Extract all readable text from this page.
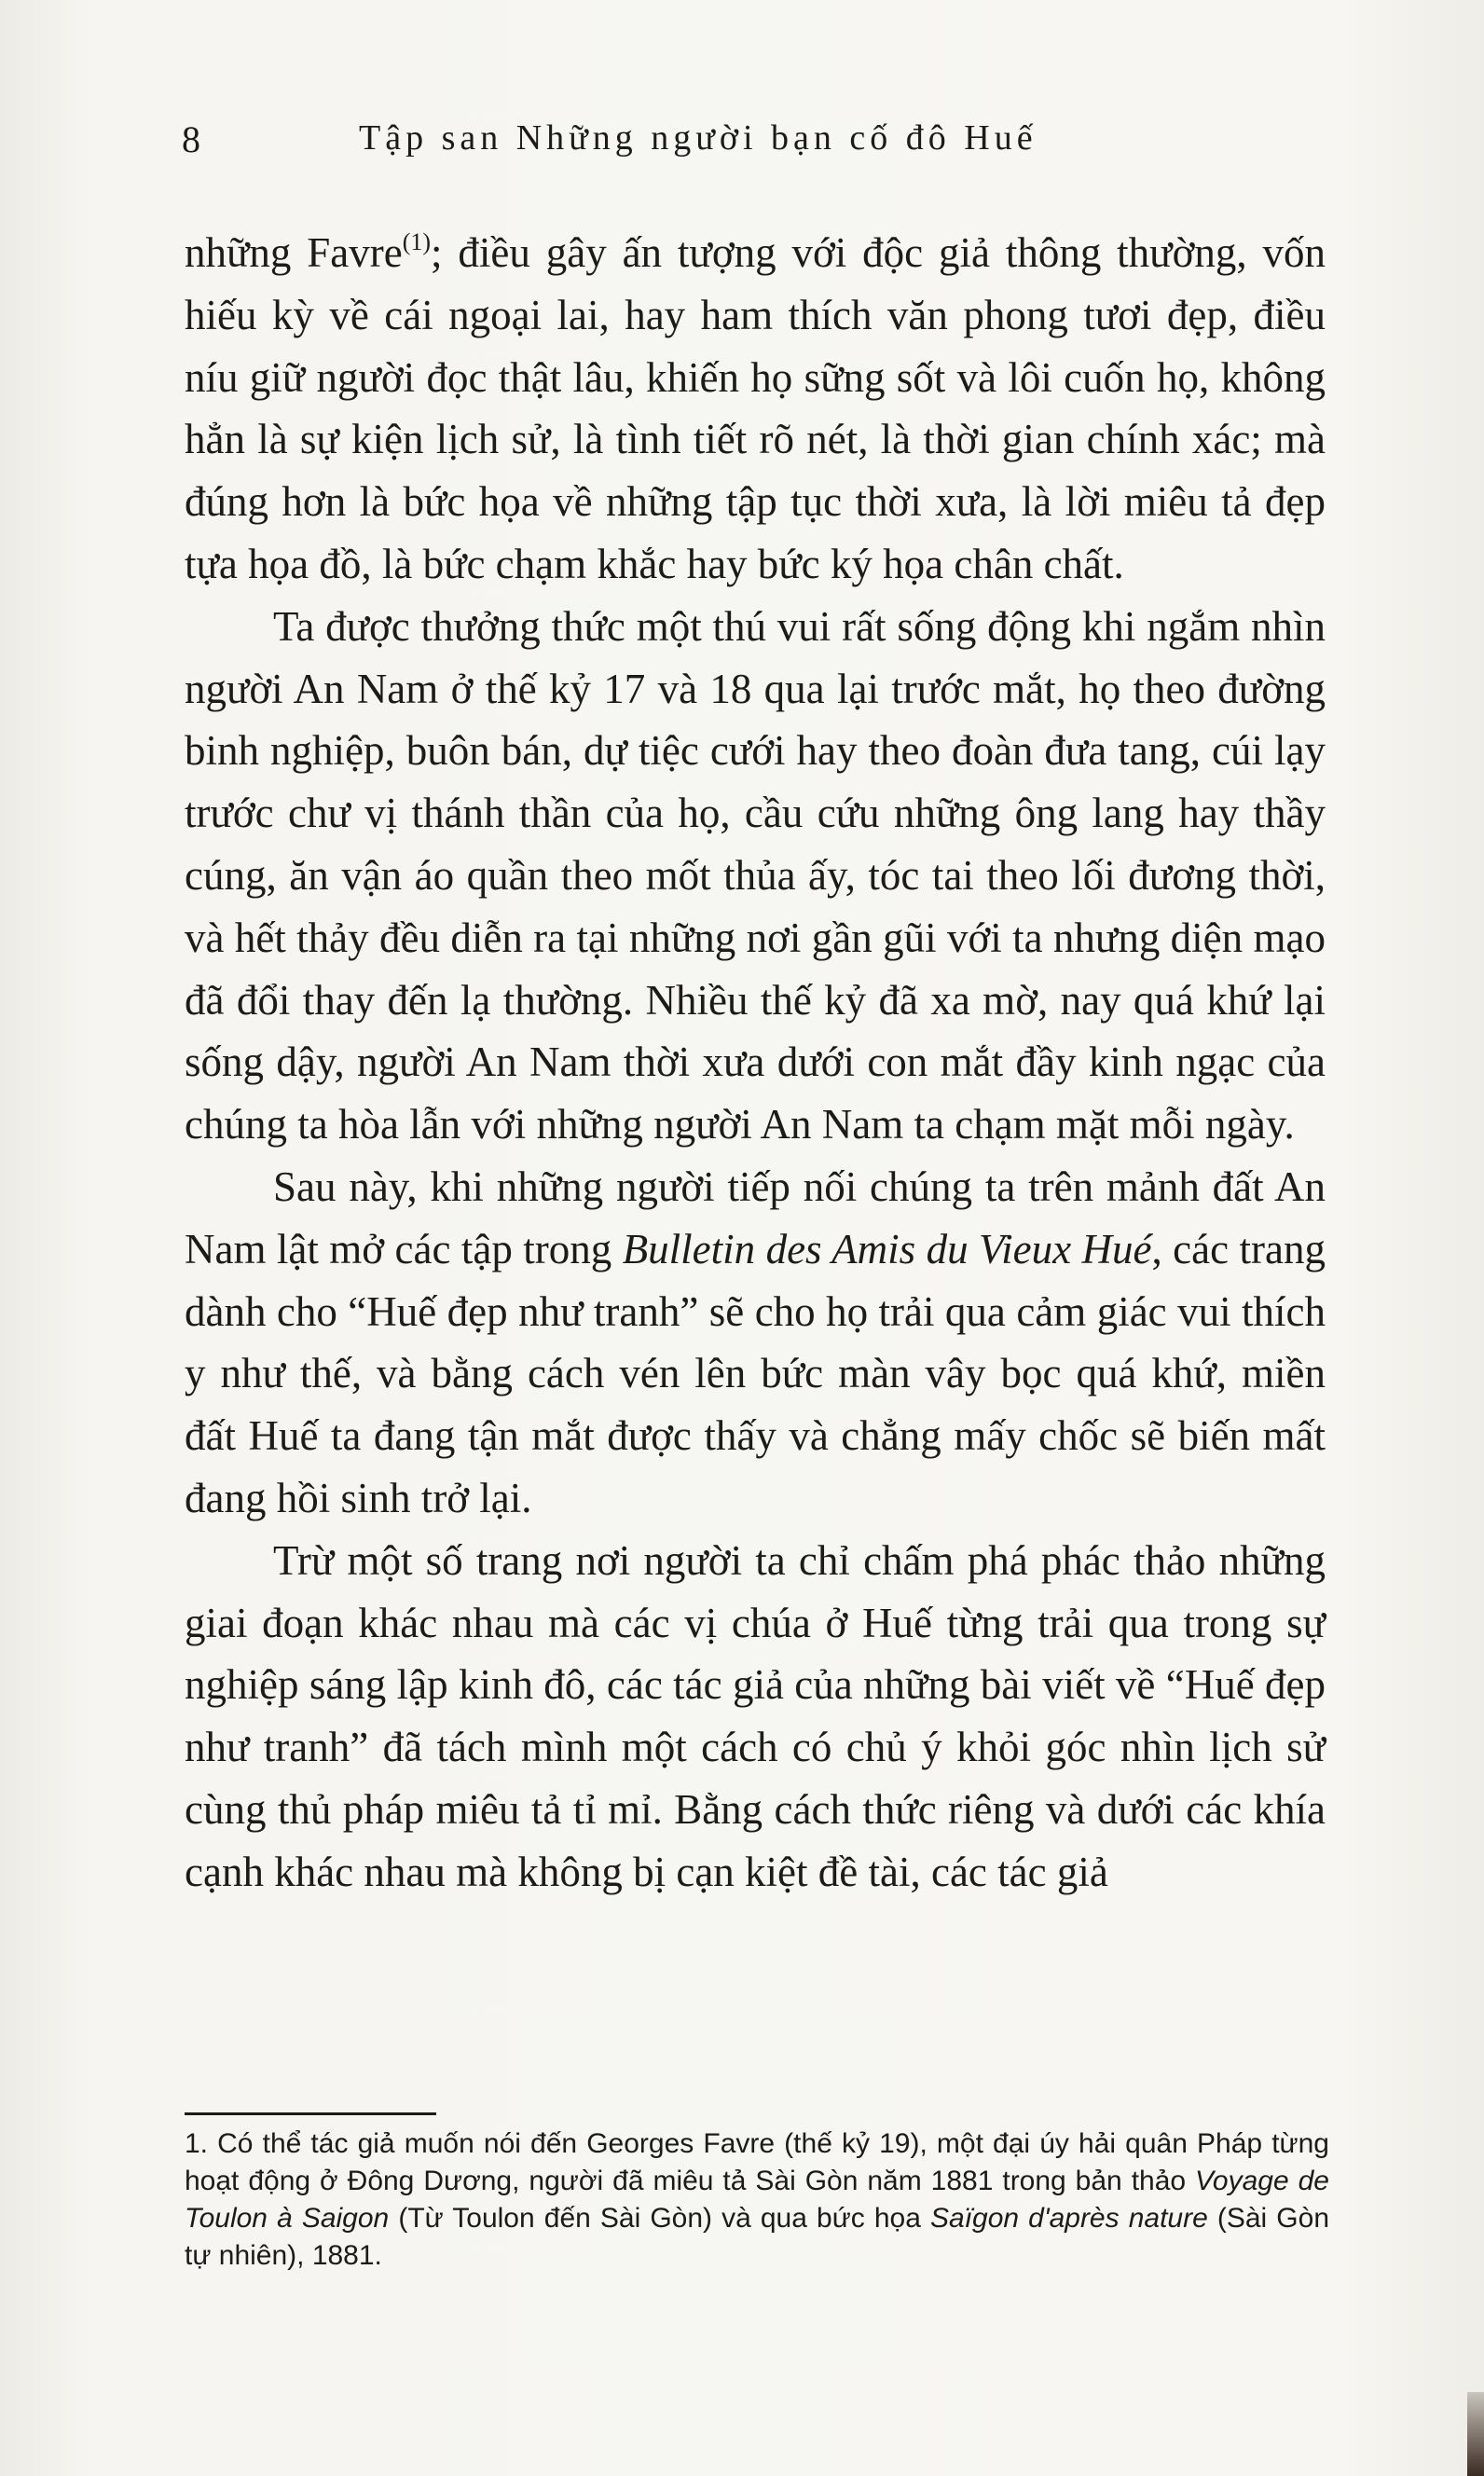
8	Tập san Những người bạn cố đô Huế

những Favre$^{(1)}$; điều gây ấn tượng với độc giả thông thường, vốn hiếu kỳ về cái ngoại lai, hay ham thích văn phong tươi đẹp, điều níu giữ người đọc thật lâu, khiến họ sững sốt và lôi cuốn họ, không hẳn là sự kiện lịch sử, là tình tiết rõ nét, là thời gian chính xác; mà đúng hơn là bức họa về những tập tục thời xưa, là lời miêu tả đẹp tựa họa đồ, là bức chạm khắc hay bức ký họa chân chất.

Ta được thưởng thức một thú vui rất sống động khi ngắm nhìn người An Nam ở thế kỷ 17 và 18 qua lại trước mắt, họ theo đường binh nghiệp, buôn bán, dự tiệc cưới hay theo đoàn đưa tang, cúi lạy trước chư vị thánh thần của họ, cầu cứu những ông lang hay thầy cúng, ăn vận áo quần theo mốt thủa ấy, tóc tai theo lối đương thời, và hết thảy đều diễn ra tại những nơi gần gũi với ta nhưng diện mạo đã đổi thay đến lạ thường. Nhiều thế kỷ đã xa mờ, nay quá khứ lại sống dậy, người An Nam thời xưa dưới con mắt đầy kinh ngạc của chúng ta hòa lẫn với những người An Nam ta chạm mặt mỗi ngày.

Sau này, khi những người tiếp nối chúng ta trên mảnh đất An Nam lật mở các tập trong Bulletin des Amis du Vieux Hué, các trang dành cho “Huế đẹp như tranh” sẽ cho họ trải qua cảm giác vui thích y như thế, và bằng cách vén lên bức màn vây bọc quá khứ, miền đất Huế ta đang tận mắt được thấy và chẳng mấy chốc sẽ biến mất đang hồi sinh trở lại.

Trừ một số trang nơi người ta chỉ chấm phá phác thảo những giai đoạn khác nhau mà các vị chúa ở Huế từng trải qua trong sự nghiệp sáng lập kinh đô, các tác giả của những bài viết về “Huế đẹp như tranh” đã tách mình một cách có chủ ý khỏi góc nhìn lịch sử cùng thủ pháp miêu tả tỉ mỉ. Bằng cách thức riêng và dưới các khía cạnh khác nhau mà không bị cạn kiệt đề tài, các tác giả

1. Có thể tác giả muốn nói đến Georges Favre (thế kỷ 19), một đại úy hải quân Pháp từng hoạt động ở Đông Dương, người đã miêu tả Sài Gòn năm 1881 trong bản thảo Voyage de Toulon à Saigon (Từ Toulon đến Sài Gòn) và qua bức họa Saïgon d'après nature (Sài Gòn tự nhiên), 1881.
